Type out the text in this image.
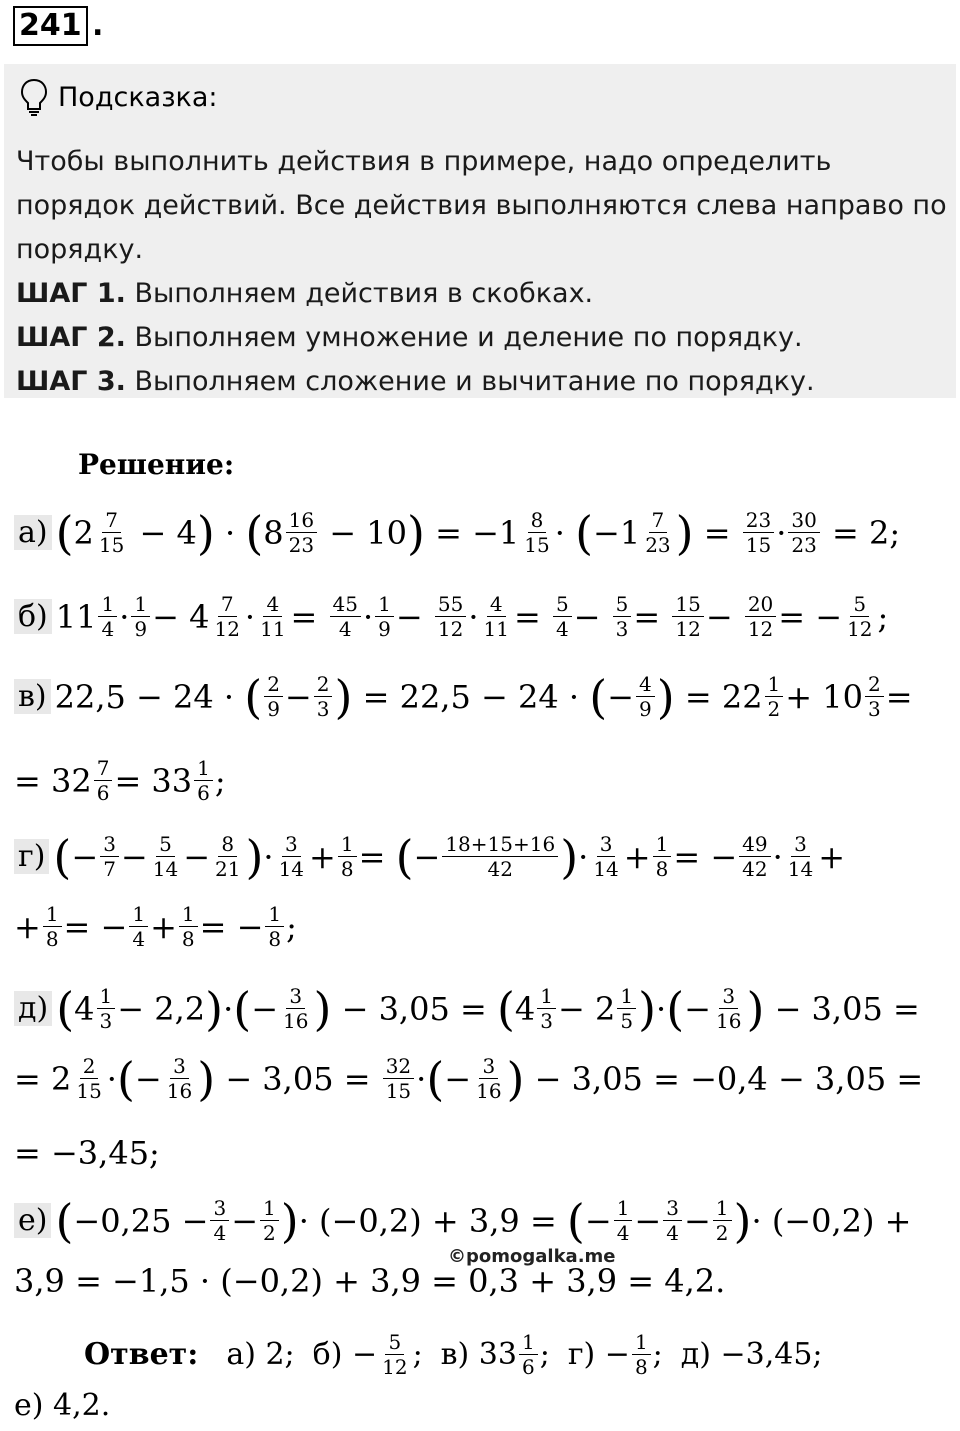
241 .
Подсказка:
Чтобы выполнить действия в примере, надо определить порядок действий. Все действия выполняются слева направо по порядку.
ШАГ 1. Выполняем действия в скобках.
ШАГ 2. Выполняем умножение и деление по порядку.
ШАГ 3. Выполняем сложение и вычитание по порядку.
Решение:
а) ( $2 \frac{7}{15} - 4$ ) · ( $8 \frac{16}{23} - 10$ ) = $-1 \frac{8}{15}$ · ( $-1 \frac{7}{23}$ ) = $\frac{23}{15} \cdot \frac{30}{23} = 2$;
б) $11 \frac{1}{4} \cdot \frac{1}{9} - 4 \frac{7}{12} \cdot \frac{4}{11} = \frac{45}{4} \cdot \frac{1}{9} - \frac{55}{12} \cdot \frac{4}{11} = \frac{5}{4} - \frac{5}{3} = \frac{15}{12} - \frac{20}{12}$ = − $\frac{5}{12}$ ;
в) 22,5 − 24 · ( $\frac{2}{9} - \frac{2}{3}$ ) = 22,5 − 24 · ( − $\frac{4}{9}$ ) = $22 \frac{1}{2} + 10 \frac{2}{3}$ =
= $32 \frac{7}{6} = 33 \frac{1}{6}$ ;
г) ( − $\frac{3}{7} - \frac{5}{14} - \frac{8}{21}$ ) · $\frac{3}{14} + \frac{1}{8}$ = ( − $\frac{18+15+16}{42}$ ) · $\frac{3}{14} + \frac{1}{8}$ = − $\frac{49}{42} \cdot \frac{3}{14}$ +
+ $\frac{1}{8}$ = − $\frac{1}{4} + \frac{1}{8}$ = − $\frac{1}{8}$ ;
д) ( $4 \frac{1}{3} - 2,2$ ) · ( − $\frac{3}{16}$ ) − 3,05 = ( $4 \frac{1}{3} - 2 \frac{1}{5}$ ) · ( − $\frac{3}{16}$ ) − 3,05 =
= $2 \frac{2}{15}$ · ( − $\frac{3}{16}$ ) − $3,05 = \frac{32}{15}$ · ( − $\frac{3}{16}$ ) − 3,05 = −0,4 − 3,05 =
= −3,45;
е) ( $-0,25 - \frac{3}{4} - \frac{1}{2}$ ) · (−0,2) + 3,9 = ( − $\frac{1}{4} - \frac{3}{4} - \frac{1}{2}$ ) · (−0,2) +
3,9 = −1,5 · (−0,2) + 3,9 = 0,3 + 3,9 = 4,2.
©pomogalka.me
Ответ: а) 2; $б) - \frac{5}{12}$ ; в) $33 \frac{1}{6}$ ; $г) - \frac{1}{8}$ ; д) −3,45;
е) 4,2.
